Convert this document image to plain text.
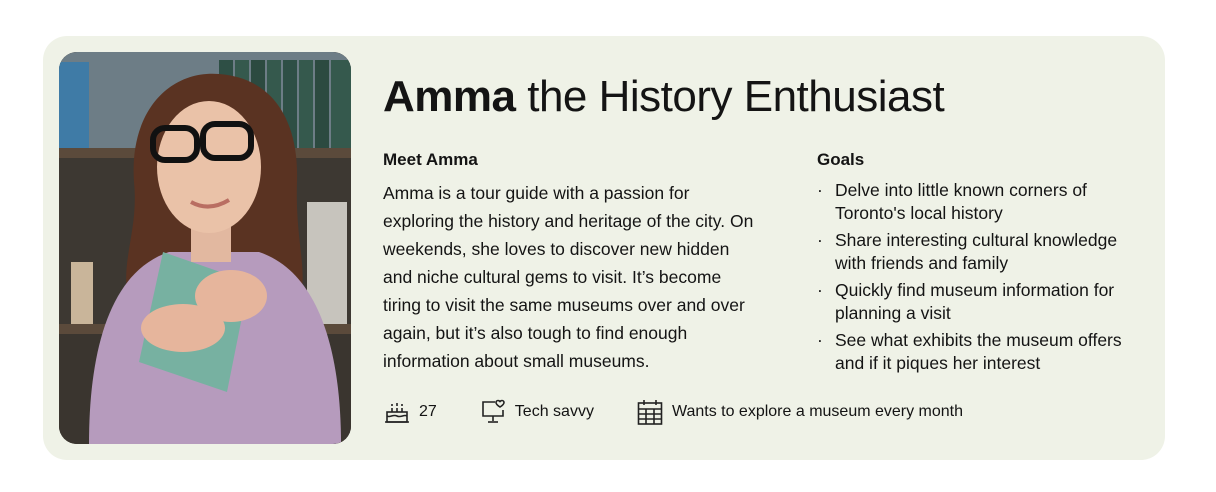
Amma the History Enthusiast
Meet Amma

Amma is a tour guide with a passion for exploring the history and heritage of the city. On weekends, she loves to discover new hidden and niche cultural gems to visit. It’s become tiring to visit the same museums over and over again, but it’s also tough to find enough information about small museums.

Goals
· Delve into little known corners of Toronto's local history
· Share interesting cultural knowledge with friends and family
· Quickly find museum information for planning a visit
· See what exhibits the museum offers and if it piques her interest
27	Tech savvy	Wants to explore a museum every month
